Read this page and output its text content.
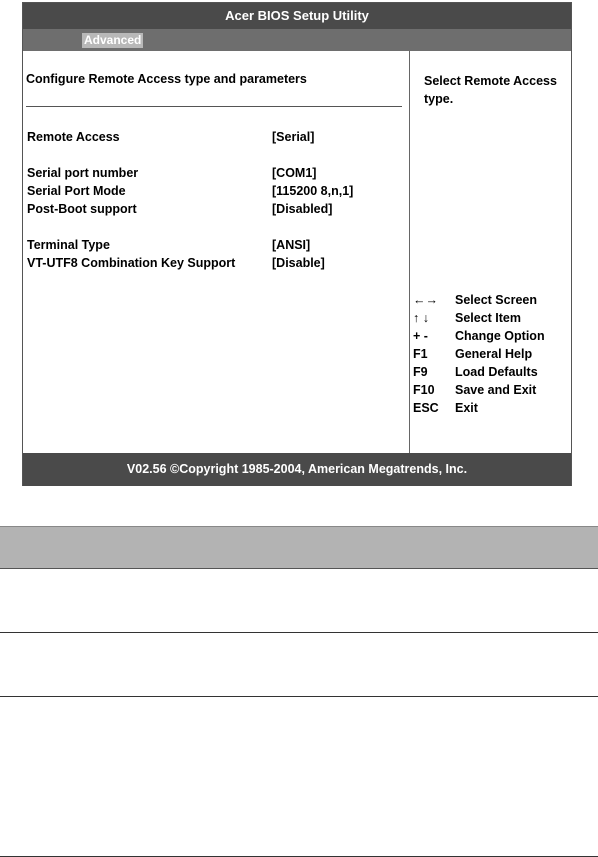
Acer BIOS Setup Utility
Advanced
Configure Remote Access type and parameters
Remote Access	[Serial]
Serial port number	[COM1]
Serial Port Mode	[115200 8,n,1]
Post-Boot support	[Disabled]
Terminal Type	[ANSI]
VT-UTF8 Combination Key Support	[Disable]
Select Remote Access type.
←→ Select Screen
↑ ↓ Select Item
+ - Change Option
F1 General Help
F9 Load Defaults
F10 Save and Exit
ESC Exit
V02.56 ©Copyright 1985-2004, American Megatrends, Inc.
